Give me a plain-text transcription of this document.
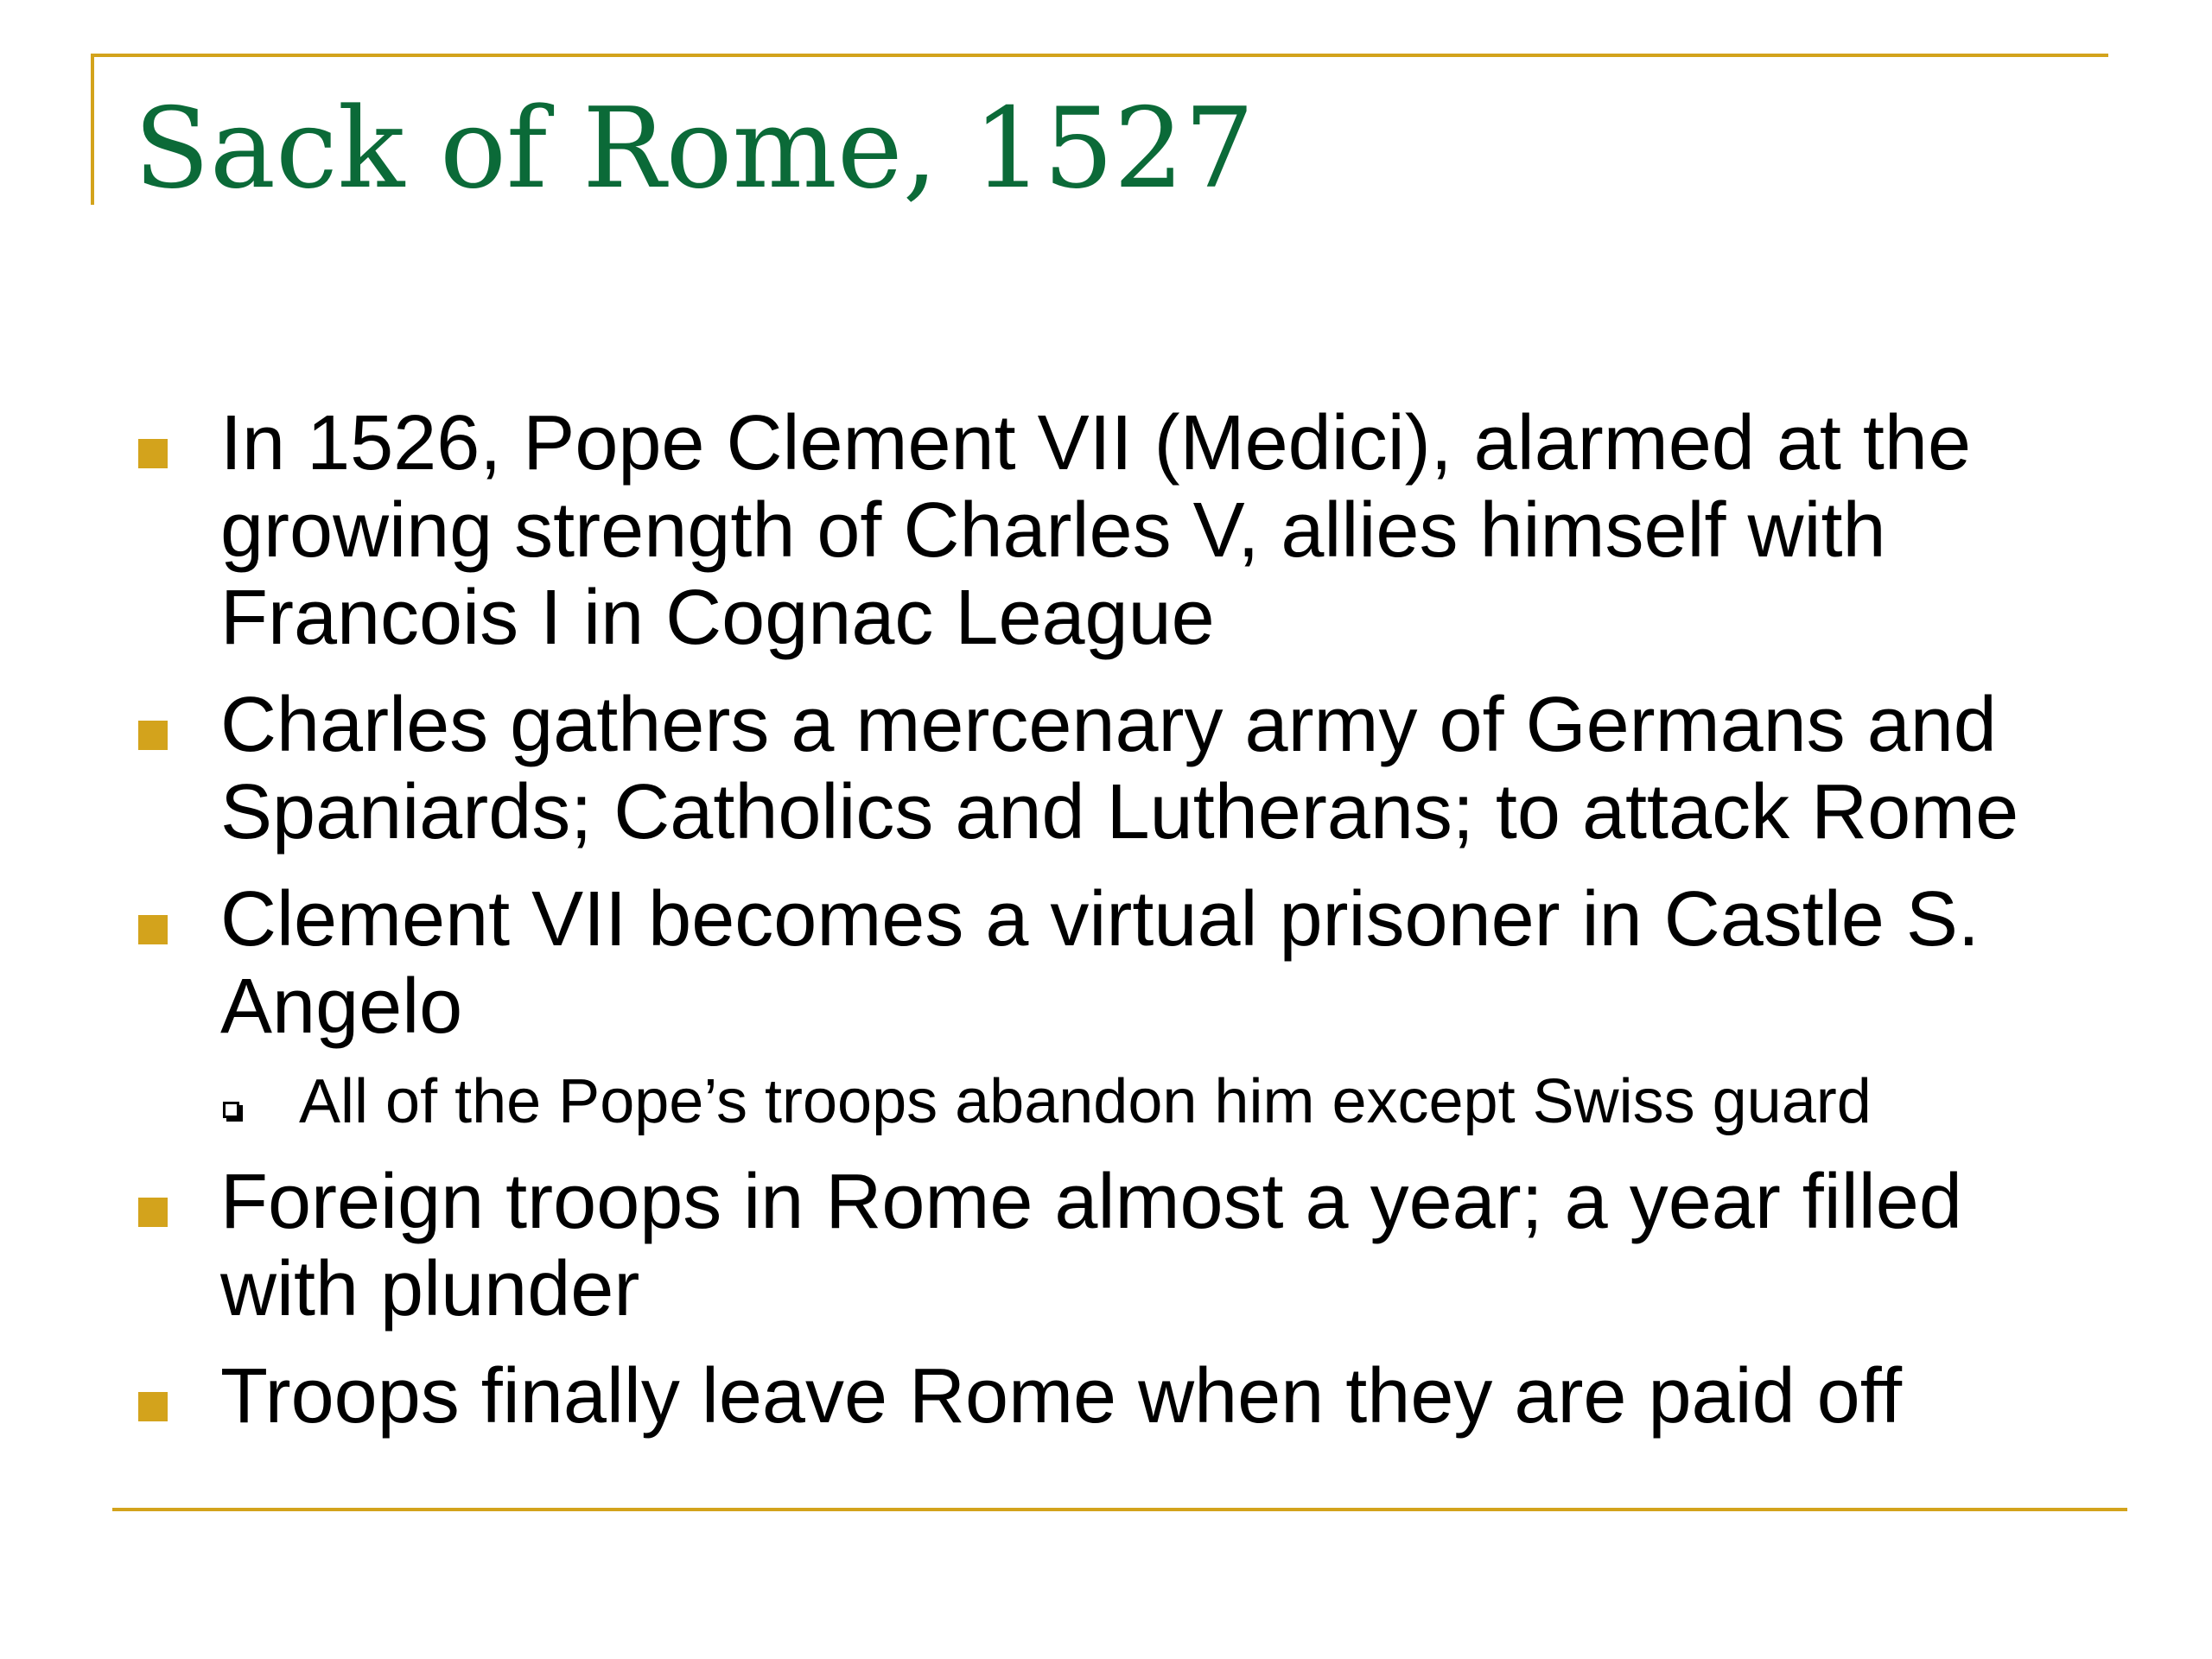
Sack of Rome, 1527
In 1526, Pope Clement VII (Medici), alarmed at the growing strength of Charles V, allies himself with Francois I in Cognac League
Charles gathers a mercenary army of Germans and Spaniards; Catholics and Lutherans; to attack Rome
Clement VII becomes a virtual prisoner in Castle S. Angelo
All of the Pope’s troops abandon him except Swiss guard
Foreign troops in Rome almost a year; a year filled with plunder
Troops finally leave Rome when they are paid off
